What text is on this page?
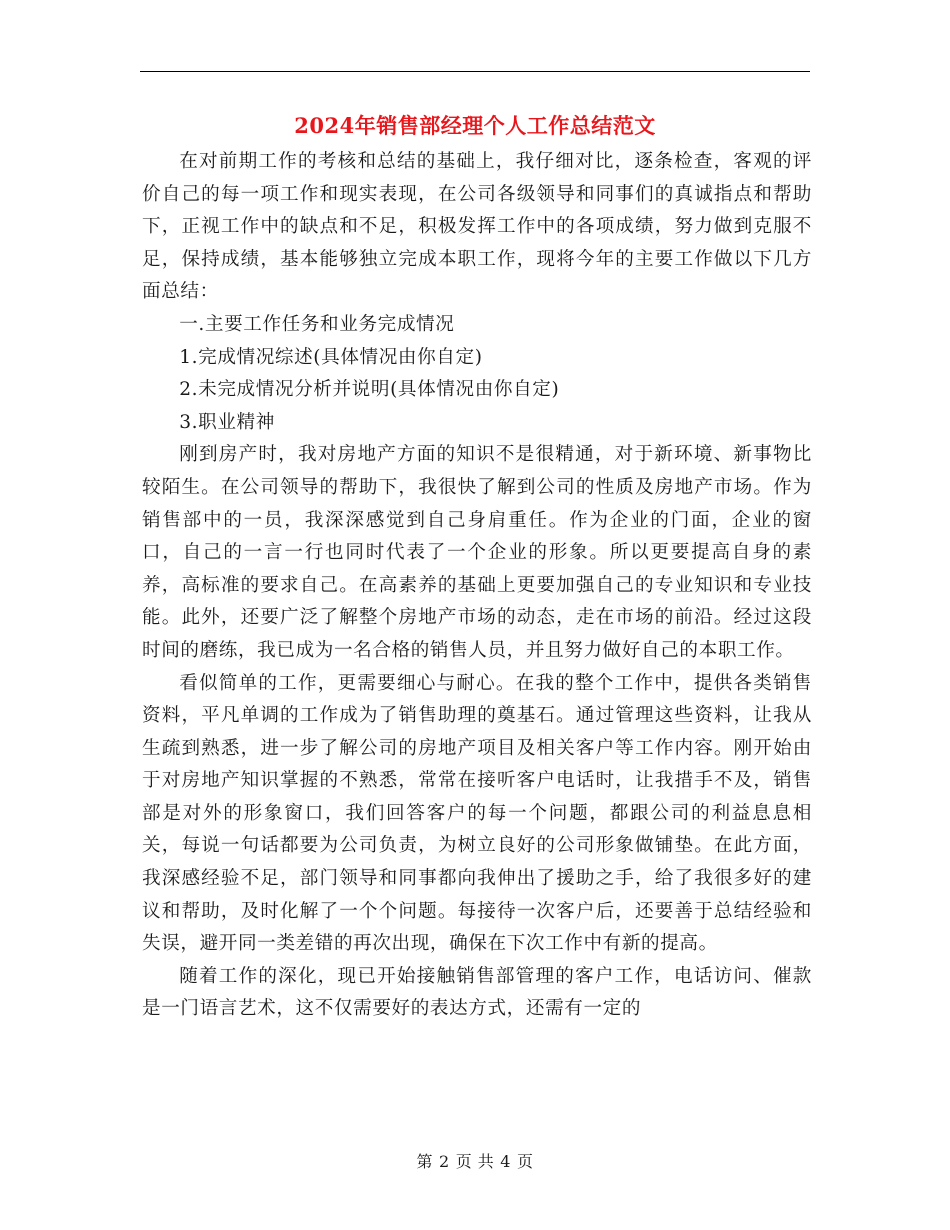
2024年销售部经理个人工作总结范文

在对前期工作的考核和总结的基础上，我仔细对比，逐条检查，客观的评价自己的每一项工作和现实表现，在公司各级领导和同事们的真诚指点和帮助下，正视工作中的缺点和不足，积极发挥工作中的各项成绩，努力做到克服不足，保持成绩，基本能够独立完成本职工作，现将今年的主要工作做以下几方面总结：

一.主要工作任务和业务完成情况

1.完成情况综述(具体情况由你自定)

2.未完成情况分析并说明(具体情况由你自定)

3.职业精神

刚到房产时，我对房地产方面的知识不是很精通，对于新环境、新事物比较陌生。在公司领导的帮助下，我很快了解到公司的性质及房地产市场。作为销售部中的一员，我深深感觉到自己身肩重任。作为企业的门面，企业的窗口，自己的一言一行也同时代表了一个企业的形象。所以更要提高自身的素养，高标准的要求自己。在高素养的基础上更要加强自己的专业知识和专业技能。此外，还要广泛了解整个房地产市场的动态，走在市场的前沿。经过这段时间的磨练，我已成为一名合格的销售人员，并且努力做好自己的本职工作。

看似简单的工作，更需要细心与耐心。在我的整个工作中，提供各类销售资料，平凡单调的工作成为了销售助理的奠基石。通过管理这些资料，让我从生疏到熟悉，进一步了解公司的房地产项目及相关客户等工作内容。刚开始由于对房地产知识掌握的不熟悉，常常在接听客户电话时，让我措手不及，销售部是对外的形象窗口，我们回答客户的每一个问题，都跟公司的利益息息相关，每说一句话都要为公司负责，为树立良好的公司形象做铺垫。在此方面，我深感经验不足，部门领导和同事都向我伸出了援助之手，给了我很多好的建议和帮助，及时化解了一个个问题。每接待一次客户后，还要善于总结经验和失误，避开同一类差错的再次出现，确保在下次工作中有新的提高。

随着工作的深化，现已开始接触销售部管理的客户工作，电话访问、催款是一门语言艺术，这不仅需要好的表达方式，还需有一定的

第 2 页 共 4 页
